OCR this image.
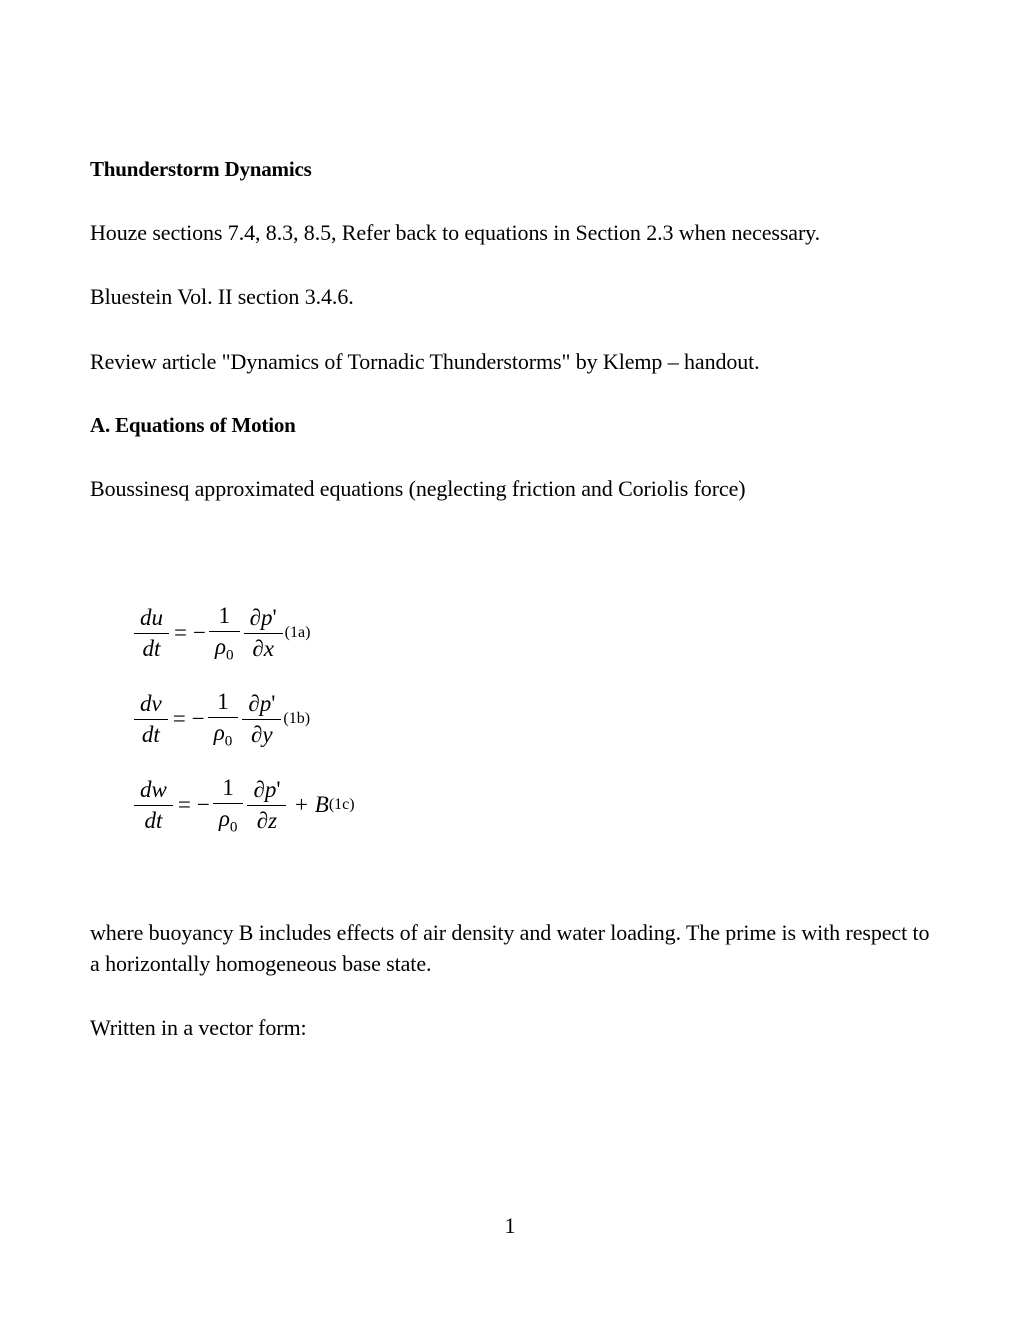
Thunderstorm Dynamics

Houze sections 7.4, 8.3, 8.5, Refer back to equations in Section 2.3 when necessary.

Bluestein Vol. II section 3.4.6.

Review article "Dynamics of Tornadic Thunderstorms" by Klemp – handout.

A. Equations of Motion

Boussinesq approximated equations (neglecting friction and Coriolis force)

$\frac{du}{dt}$ = − $\frac{1}{\rho_0} \frac{\partial p'}{\partial x} (1a)$
$\frac{dv}{dt}$ = − $\frac{1}{\rho_0} \frac{\partial p'}{\partial y} (1b)$
$\frac{dw}{dt}$ = − $\frac{1}{\rho_0} \frac{\partial p'}{\partial z} + B$ (1c)

where buoyancy B includes effects of air density and water loading. The prime is with respect to a horizontally homogeneous base state.

Written in a vector form:

1
